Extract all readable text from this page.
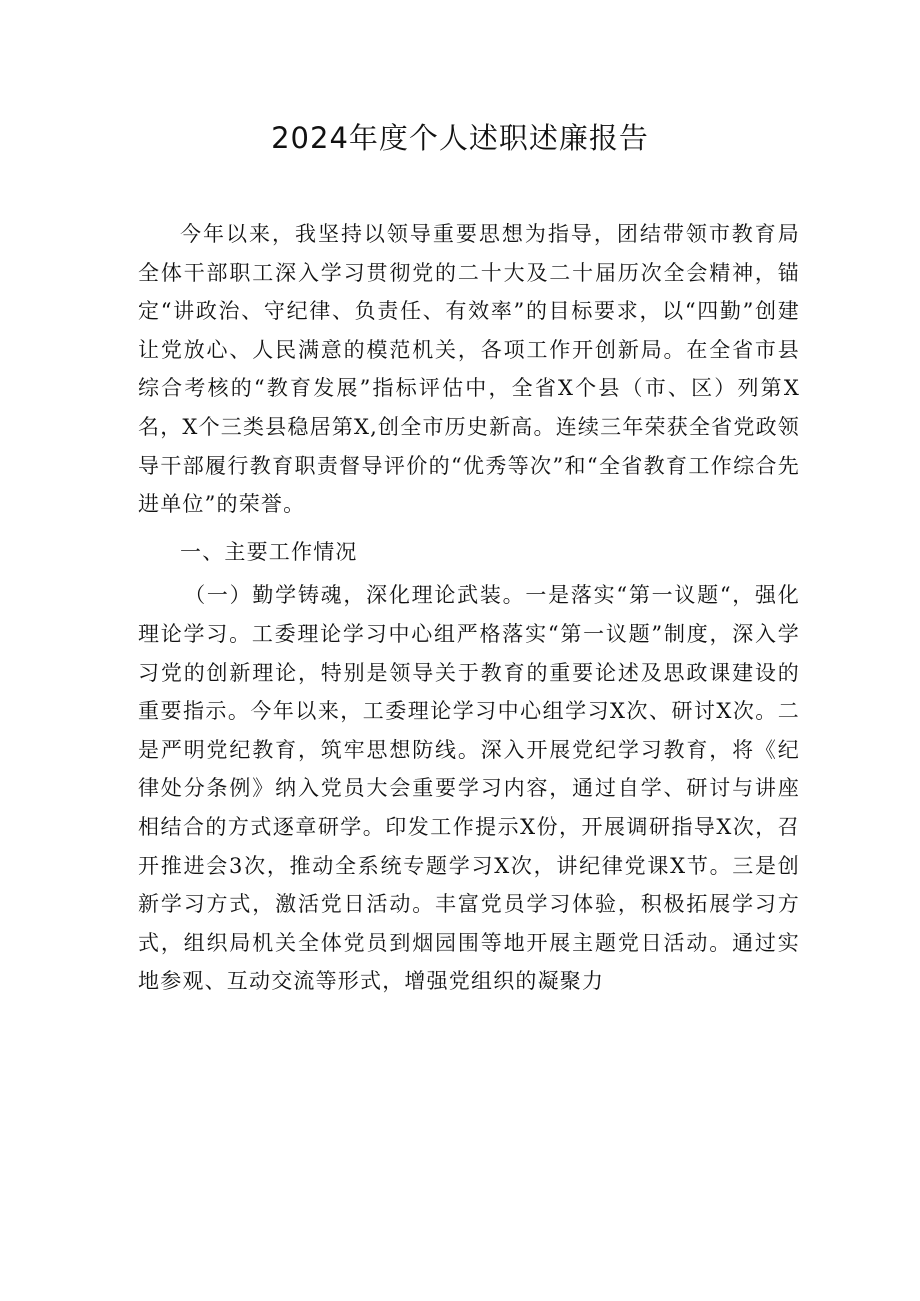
2024年度个人述职述廉报告

今年以来，我坚持以领导重要思想为指导，团结带领市教育局全体干部职工深入学习贯彻党的二十大及二十届历次全会精神，锚定“讲政治、守纪律、负责任、有效率”的目标要求，以“四勤”创建让党放心、人民满意的模范机关，各项工作开创新局。在全省市县综合考核的“教育发展”指标评估中，全省X个县（市、区）列第X名，X个三类县稳居第X,创全市历史新高。连续三年荣获全省党政领导干部履行教育职责督导评价的“优秀等次”和“全省教育工作综合先进单位”的荣誉。

一、主要工作情况

（一）勤学铸魂，深化理论武装。一是落实“第一议题“，强化理论学习。工委理论学习中心组严格落实“第一议题”制度，深入学习党的创新理论，特别是领导关于教育的重要论述及思政课建设的重要指示。今年以来，工委理论学习中心组学习X次、研讨X次。二是严明党纪教育，筑牢思想防线。深入开展党纪学习教育，将《纪律处分条例》纳入党员大会重要学习内容，通过自学、研讨与讲座相结合的方式逐章研学。印发工作提示X份，开展调研指导X次，召开推进会3次，推动全系统专题学习X次，讲纪律党课X节。三是创新学习方式，激活党日活动。丰富党员学习体验，积极拓展学习方式，组织局机关全体党员到烟园围等地开展主题党日活动。通过实地参观、互动交流等形式，增强党组织的凝聚力
